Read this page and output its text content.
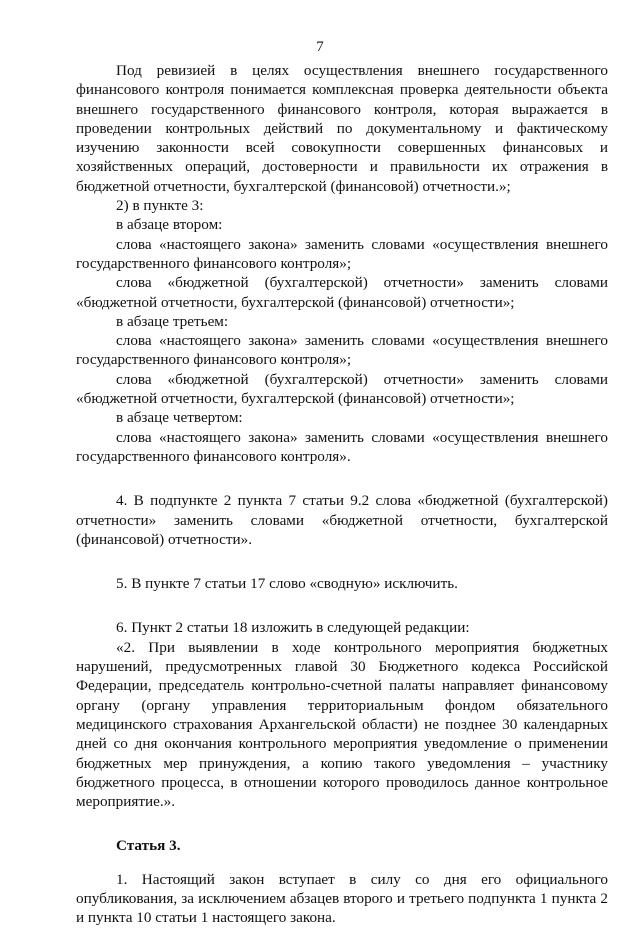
7

Под ревизией в целях осуществления внешнего государственного финансового контроля понимается комплексная проверка деятельности объекта внешнего государственного финансового контроля, которая выражается в проведении контрольных действий по документальному и фактическому изучению законности всей совокупности совершенных финансовых и хозяйственных операций, достоверности и правильности их отражения в бюджетной отчетности, бухгалтерской (финансовой) отчетности.»;

2) в пункте 3:

в абзаце втором:

слова «настоящего закона» заменить словами «осуществления внешнего государственного финансового контроля»;

слова «бюджетной (бухгалтерской) отчетности» заменить словами «бюджетной отчетности, бухгалтерской (финансовой) отчетности»;

в абзаце третьем:

слова «настоящего закона» заменить словами «осуществления внешнего государственного финансового контроля»;

слова «бюджетной (бухгалтерской) отчетности» заменить словами «бюджетной отчетности, бухгалтерской (финансовой) отчетности»;

в абзаце четвертом:

слова «настоящего закона» заменить словами «осуществления внешнего государственного финансового контроля».

4. В подпункте 2 пункта 7 статьи 9.2 слова «бюджетной (бухгалтерской) отчетности» заменить словами «бюджетной отчетности, бухгалтерской (финансовой) отчетности».

5. В пункте 7 статьи 17 слово «сводную» исключить.

6. Пункт 2 статьи 18 изложить в следующей редакции:

«2. При выявлении в ходе контрольного мероприятия бюджетных нарушений, предусмотренных главой 30 Бюджетного кодекса Российской Федерации, председатель контрольно-счетной палаты направляет финансовому органу (органу управления территориальным фондом обязательного медицинского страхования Архангельской области) не позднее 30 календарных дней со дня окончания контрольного мероприятия уведомление о применении бюджетных мер принуждения, а копию такого уведомления – участнику бюджетного процесса, в отношении которого проводилось данное контрольное мероприятие.».

Статья 3.

1. Настоящий закон вступает в силу со дня его официального опубликования, за исключением абзацев второго и третьего подпункта 1 пункта 2 и пункта 10 статьи 1 настоящего закона.
